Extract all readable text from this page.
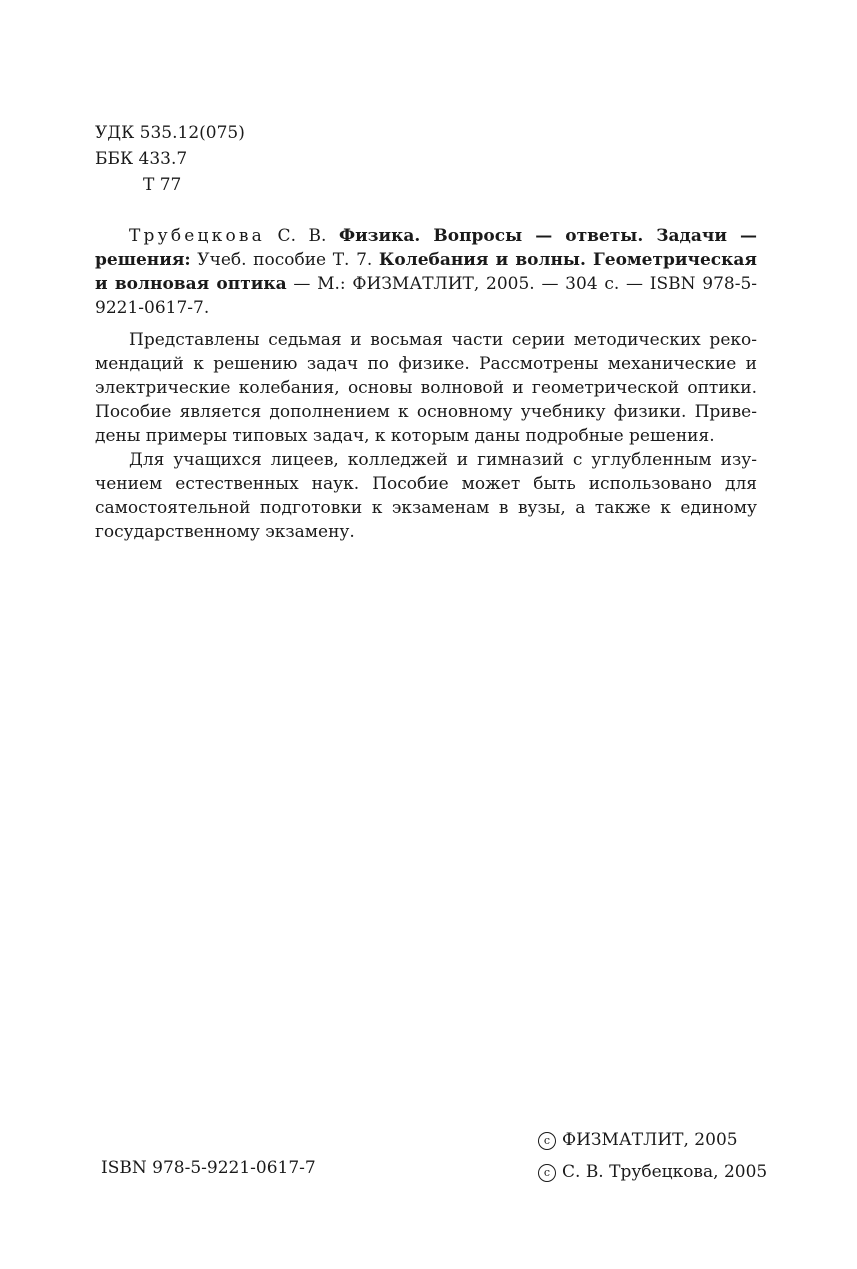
УДК 535.12(075)
ББК 433.7
Т 77

Трубецкова С. В. Физика. Вопросы — ответы. Задачи — решения: Учеб. пособие Т. 7. Колебания и волны. Геометрическая и волновая оптика — М.: ФИЗМАТЛИТ, 2005. — 304 с. — ISBN 978-5-9221-0617-7.

Представлены седьмая и восьмая части серии методических рекомендаций к решению задач по физике. Рассмотрены механические и электрические колебания, основы волновой и геометрической оптики. Пособие является дополнением к основному учебнику физики. Приведены примеры типовых задач, к которым даны подробные решения.

Для учащихся лицеев, колледжей и гимназий с углубленным изучением естественных наук. Пособие может быть использовано для самостоятельной подготовки к экзаменам в вузы, а также к единому государственному экзамену.

ISBN 978-5-9221-0617-7
c ФИЗМАТЛИТ, 2005
c С. В. Трубецкова, 2005
